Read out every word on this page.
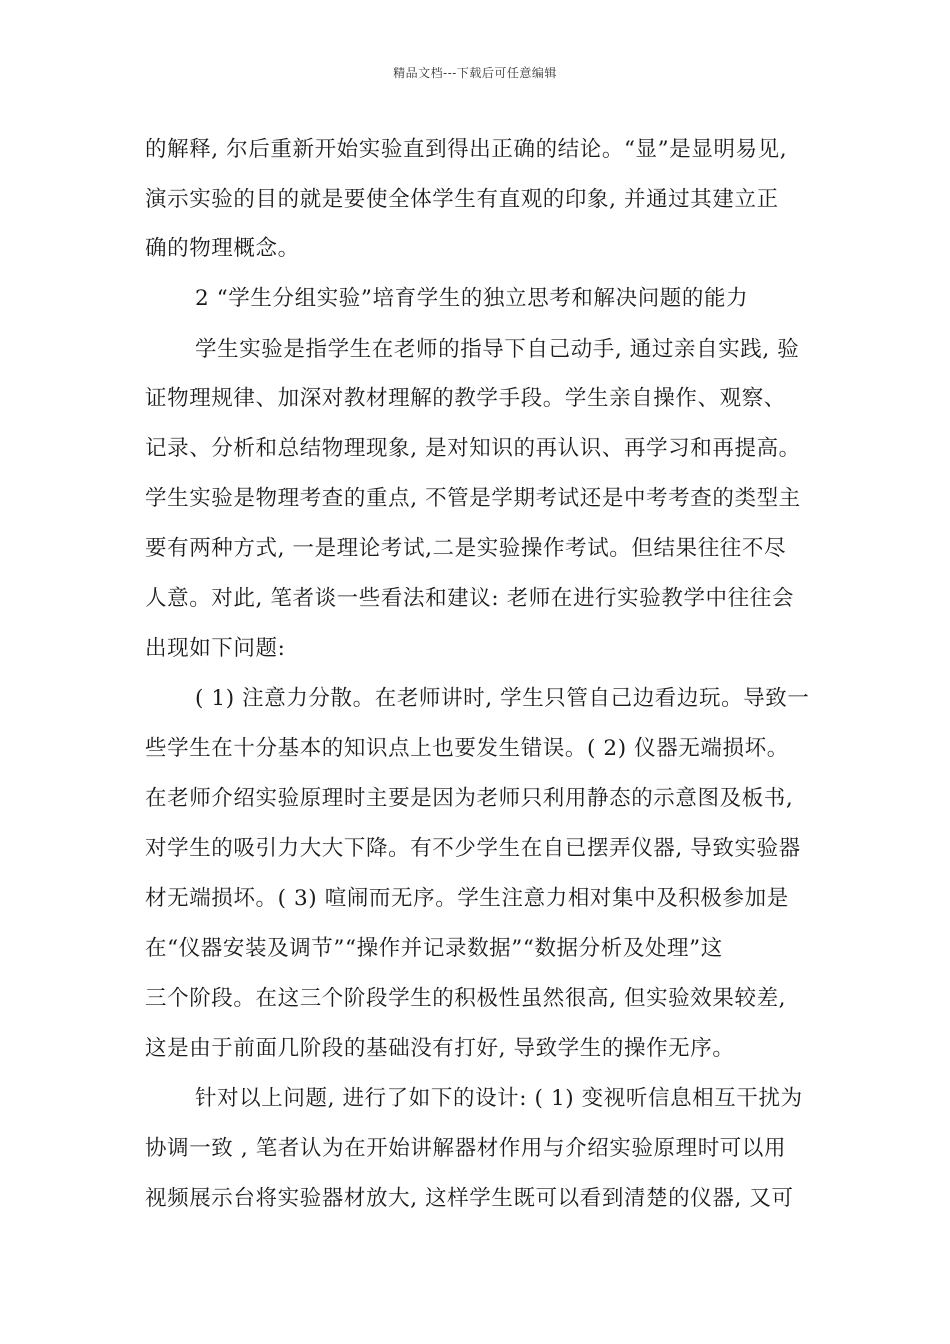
精品文档---下载后可任意编辑
的解释, 尔后重新开始实验直到得出正确的结论。“显”是显明易见,
演示实验的目的就是要使全体学生有直观的印象, 并通过其建立正
确的物理概念。
2 “学生分组实验”培育学生的独立思考和解决问题的能力
学生实验是指学生在老师的指导下自己动手, 通过亲自实践, 验
证物理规律、加深对教材理解的教学手段。学生亲自操作、观察、
记录、分析和总结物理现象, 是对知识的再认识、再学习和再提高。
学生实验是物理考查的重点, 不管是学期考试还是中考考查的类型主
要有两种方式, 一是理论考试,二是实验操作考试。但结果往往不尽
人意。对此, 笔者谈一些看法和建议: 老师在进行实验教学中往往会
出现如下问题:
( 1) 注意力分散。在老师讲时, 学生只管自己边看边玩。导致一
些学生在十分基本的知识点上也要发生错误。( 2) 仪器无端损坏。
在老师介绍实验原理时主要是因为老师只利用静态的示意图及板书,
对学生的吸引力大大下降。有不少学生在自已摆弄仪器, 导致实验器
材无端损坏。( 3) 喧闹而无序。学生注意力相对集中及积极参加是
在“仪器安装及调节”“操作并记录数据”“数据分析及处理”这
三个阶段。在这三个阶段学生的积极性虽然很高, 但实验效果较差,
这是由于前面几阶段的基础没有打好, 导致学生的操作无序。
针对以上问题, 进行了如下的设计: ( 1) 变视听信息相互干扰为
协调一致 , 笔者认为在开始讲解器材作用与介绍实验原理时可以用
视频展示台将实验器材放大, 这样学生既可以看到清楚的仪器, 又可
